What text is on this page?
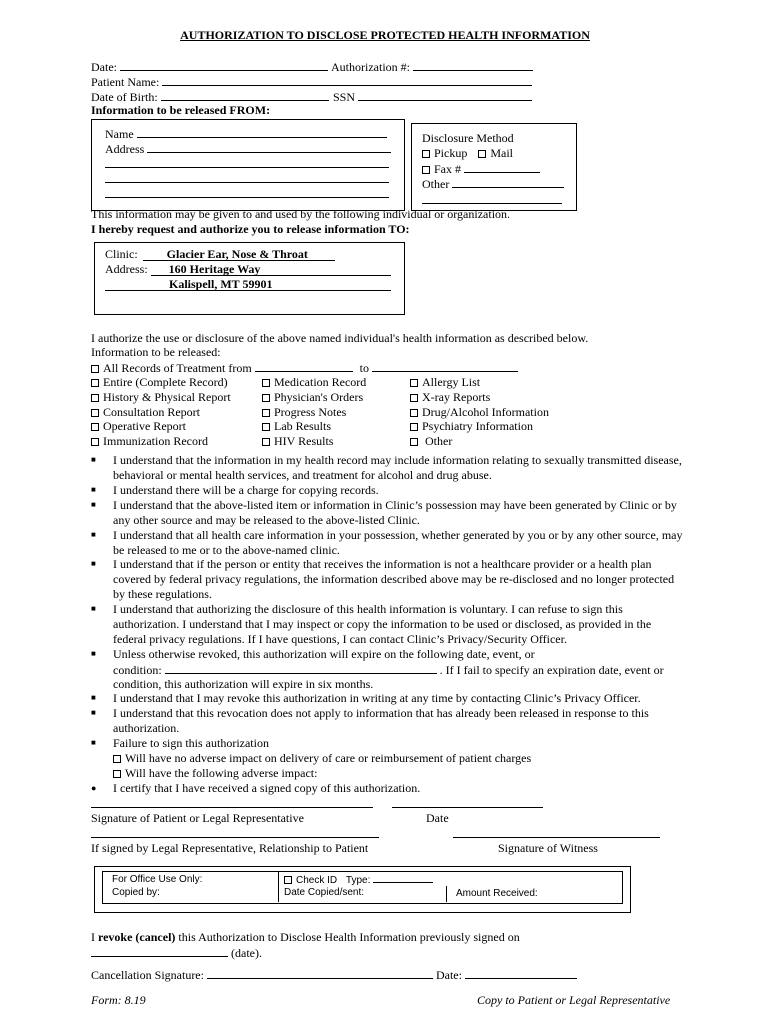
AUTHORIZATION TO DISCLOSE PROTECTED HEALTH INFORMATION
Date:	Authorization #:
Patient Name:
Date of Birth:	SSN
Information to be released FROM:
Name
Address
Disclosure Method
Pickup Mail
Fax #
Other
This information may be given to and used by the following individual or organization.
I hereby request and authorize you to release information TO:
Clinic: Glacier Ear, Nose & Throat
Address: 160 Heritage Way
Kalispell, MT 59901
I authorize the use or disclosure of the above named individual's health information as described below.
Information to be released:
All Records of Treatment from	to
Entire (Complete Record)	Medication Record	Allergy List
History & Physical Report	Physician's Orders	X-ray Reports
Consultation Report	Progress Notes	Drug/Alcohol Information
Operative Report	Lab Results	Psychiatry Information
Immunization Record	HIV Results	Other
■ I understand that the information in my health record may include information relating to sexually transmitted disease, behavioral or mental health services, and treatment for alcohol and drug abuse.
■ I understand there will be a charge for copying records.
■ I understand that the above-listed item or information in Clinic’s possession may have been generated by Clinic or by any other source and may be released to the above-listed Clinic.
■ I understand that all health care information in your possession, whether generated by you or by any other source, may be released to me or to the above-named clinic.
■ I understand that if the person or entity that receives the information is not a healthcare provider or a health plan covered by federal privacy regulations, the information described above may be re-disclosed and no longer protected by these regulations.
■ I understand that authorizing the disclosure of this health information is voluntary. I can refuse to sign this authorization. I understand that I may inspect or copy the information to be used or disclosed, as provided in the federal privacy regulations. If I have questions, I can contact Clinic’s Privacy/Security Officer.
■ Unless otherwise revoked, this authorization will expire on the following date, event, or
condition:	. If I fail to specify an expiration date, event or
condition, this authorization will expire in six months.
■ I understand that I may revoke this authorization in writing at any time by contacting Clinic’s Privacy Officer.
■ I understand that this revocation does not apply to information that has already been released in response to this authorization.
■ Failure to sign this authorization
Will have no adverse impact on delivery of care or reimbursement of patient charges
Will have the following adverse impact:
● I certify that I have received a signed copy of this authorization.
Signature of Patient or Legal Representative	Date
If signed by Legal Representative, Relationship to Patient	Signature of Witness
For Office Use Only:
Copied by:
Check ID Type:
Date Copied/sent:	Amount Received:
I revoke (cancel) this Authorization to Disclose Health Information previously signed on
(date).
Cancellation Signature:	Date:
Form: 8.19	Copy to Patient or Legal Representative
